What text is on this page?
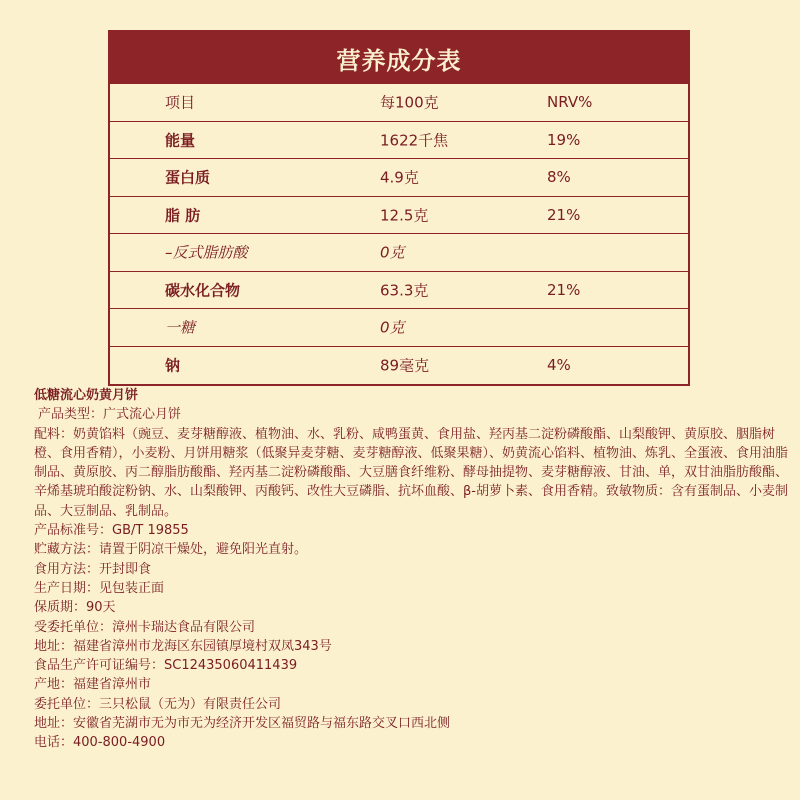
营养成分表
项目	每100克	NRV%
能量	1622千焦	19%
蛋白质	4.9克	8%
脂 肪	12.5克	21%
–反式脂肪酸	0克
碳水化合物	63.3克	21%
一糖	0克
钠	89毫克	4%
低糖流心奶黄月饼
产品类型：广式流心月饼
配料：奶黄馅料（豌豆、麦芽糖醇液、植物油、水、乳粉、咸鸭蛋黄、食用盐、羟丙基二淀粉磷酸酯、山梨酸钾、黄原胶、胭脂树橙、食用香精），小麦粉、月饼用糖浆（低聚异麦芽糖、麦芽糖醇液、低聚果糖）、奶黄流心馅料、植物油、炼乳、全蛋液、食用油脂制品、黄原胶、丙二醇脂肪酸酯、羟丙基二淀粉磷酸酯、大豆膳食纤维粉、酵母抽提物、麦芽糖醇液、甘油、单，双甘油脂肪酸酯、辛烯基琥珀酸淀粉钠、水、山梨酸钾、丙酸钙、改性大豆磷脂、抗坏血酸、β-胡萝卜素、食用香精。致敏物质：含有蛋制品、小麦制品、大豆制品、乳制品。
产品标准号：GB/T 19855
贮藏方法：请置于阴凉干燥处，避免阳光直射。
食用方法：开封即食
生产日期：见包装正面
保质期：90天
受委托单位：漳州卡瑞达食品有限公司
地址：福建省漳州市龙海区东园镇厚境村双凤343号
食品生产许可证编号：SC12435060411439
产地：福建省漳州市
委托单位：三只松鼠（无为）有限责任公司
地址：安徽省芜湖市无为市无为经济开发区福贸路与福东路交叉口西北侧
电话：400-800-4900
